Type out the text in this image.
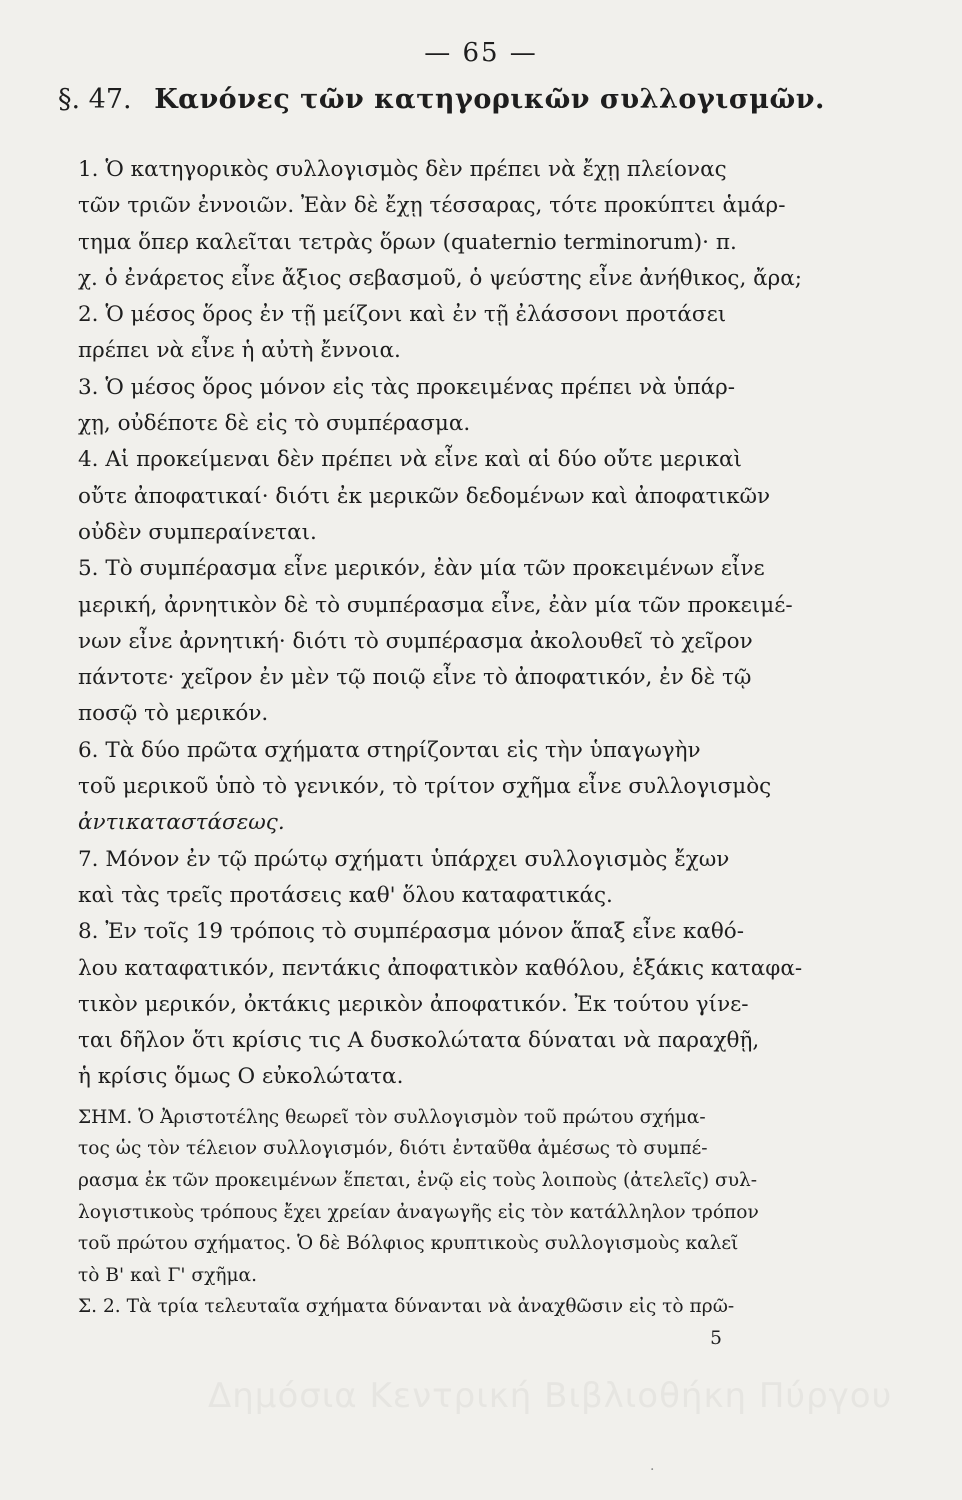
— 65 —
§. 47. Κανόνες τῶν κατηγορικῶν συλλογισμῶν.
1. Ὁ κατηγορικὸς συλλογισμὸς δὲν πρέπει νὰ ἔχῃ πλείονας
τῶν τριῶν ἐννοιῶν. Ἐὰν δὲ ἔχῃ τέσσαρας, τότε προκύπτει ἁμάρ-
τημα ὅπερ καλεῖται τετρὰς ὅρων (quaternio terminorum)· π.
χ. ὁ ἐνάρετος εἶνε ἄξιος σεβασμοῦ, ὁ ψεύστης εἶνε ἀνήθικος, ἄρα;
2. Ὁ μέσος ὅρος ἐν τῇ μείζονι καὶ ἐν τῇ ἐλάσσονι προτάσει
πρέπει νὰ εἶνε ἡ αὐτὴ ἔννοια.
3. Ὁ μέσος ὅρος μόνον εἰς τὰς προκειμένας πρέπει νὰ ὑπάρ-
χῃ, οὐδέποτε δὲ εἰς τὸ συμπέρασμα.
4. Αἱ προκείμεναι δὲν πρέπει νὰ εἶνε καὶ αἱ δύο οὔτε μερικαὶ
οὔτε ἀποφατικαί· διότι ἐκ μερικῶν δεδομένων καὶ ἀποφατικῶν
οὐδὲν συμπεραίνεται.
5. Τὸ συμπέρασμα εἶνε μερικόν, ἐὰν μία τῶν προκειμένων εἶνε
μερική, ἀρνητικὸν δὲ τὸ συμπέρασμα εἶνε, ἐὰν μία τῶν προκειμέ-
νων εἶνε ἀρνητική· διότι τὸ συμπέρασμα ἀκολουθεῖ τὸ χεῖρον
πάντοτε· χεῖρον ἐν μὲν τῷ ποιῷ εἶνε τὸ ἀποφατικόν, ἐν δὲ τῷ
ποσῷ τὸ μερικόν.
6. Τὰ δύο πρῶτα σχήματα στηρίζονται εἰς τὴν ὑπαγωγὴν
τοῦ μερικοῦ ὑπὸ τὸ γενικόν, τὸ τρίτον σχῆμα εἶνε συλλογισμὸς
ἀντικαταστάσεως.
7. Μόνον ἐν τῷ πρώτῳ σχήματι ὑπάρχει συλλογισμὸς ἔχων
καὶ τὰς τρεῖς προτάσεις καθ' ὅλου καταφατικάς.
8. Ἐν τοῖς 19 τρόποις τὸ συμπέρασμα μόνον ἅπαξ εἶνε καθό-
λου καταφατικόν, πεντάκις ἀποφατικὸν καθόλου, ἑξάκις καταφα-
τικὸν μερικόν, ὀκτάκις μερικὸν ἀποφατικόν. Ἐκ τούτου γίνε-
ται δῆλον ὅτι κρίσις τις Α δυσκολώτατα δύναται νὰ παραχθῇ,
ἡ κρίσις ὅμως Ο εὐκολώτατα.
ΣΗΜ. Ὁ Ἀριστοτέλης θεωρεῖ τὸν συλλογισμὸν τοῦ πρώτου σχήμα-
τος ὡς τὸν τέλειον συλλογισμόν, διότι ἐνταῦθα ἀμέσως τὸ συμπέ-
ρασμα ἐκ τῶν προκειμένων ἕπεται, ἐνῷ εἰς τοὺς λοιποὺς (ἀτελεῖς) συλ-
λογιστικοὺς τρόπους ἔχει χρείαν ἀναγωγῆς εἰς τὸν κατάλληλον τρόπον
τοῦ πρώτου σχήματος. Ὁ δὲ Βόλφιος κρυπτικοὺς συλλογισμοὺς καλεῖ
τὸ Β' καὶ Γ' σχῆμα.
Σ. 2. Τὰ τρία τελευταῖα σχήματα δύνανται νὰ ἀναχθῶσιν εἰς τὸ πρῶ-
5
Δημόσια Κεντρική Βιβλιοθήκη Πύργου
·
